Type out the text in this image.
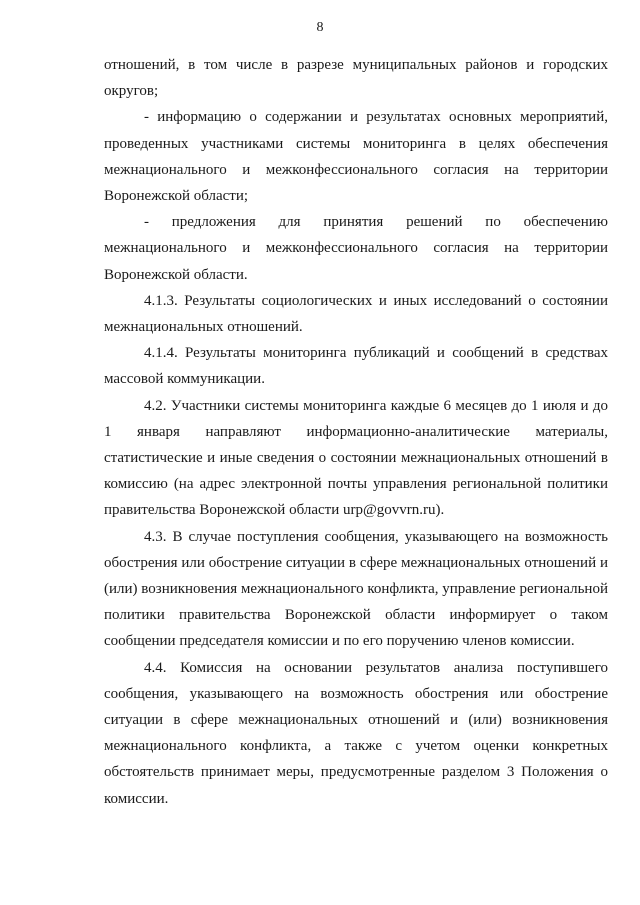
8

отношений, в том числе в разрезе муниципальных районов и городских округов;

- информацию о содержании и результатах основных мероприятий, проведенных участниками системы мониторинга в целях обеспечения межнационального и межконфессионального согласия на территории Воронежской области;

- предложения для принятия решений по обеспечению межнационального и межконфессионального согласия на территории Воронежской области.

4.1.3. Результаты социологических и иных исследований о состоянии межнациональных отношений.

4.1.4. Результаты мониторинга публикаций и сообщений в средствах массовой коммуникации.

4.2. Участники системы мониторинга каждые 6 месяцев до 1 июля и до 1 января направляют информационно-аналитические материалы, статистические и иные сведения о состоянии межнациональных отношений в комиссию (на адрес электронной почты управления региональной политики правительства Воронежской области urp@govvrn.ru).

4.3. В случае поступления сообщения, указывающего на возможность обострения или обострение ситуации в сфере межнациональных отношений и (или) возникновения межнационального конфликта, управление региональной политики правительства Воронежской области информирует о таком сообщении председателя комиссии и по его поручению членов комиссии.

4.4. Комиссия на основании результатов анализа поступившего сообщения, указывающего на возможность обострения или обострение ситуации в сфере межнациональных отношений и (или) возникновения межнационального конфликта, а также с учетом оценки конкретных обстоятельств принимает меры, предусмотренные разделом 3 Положения о комиссии.
